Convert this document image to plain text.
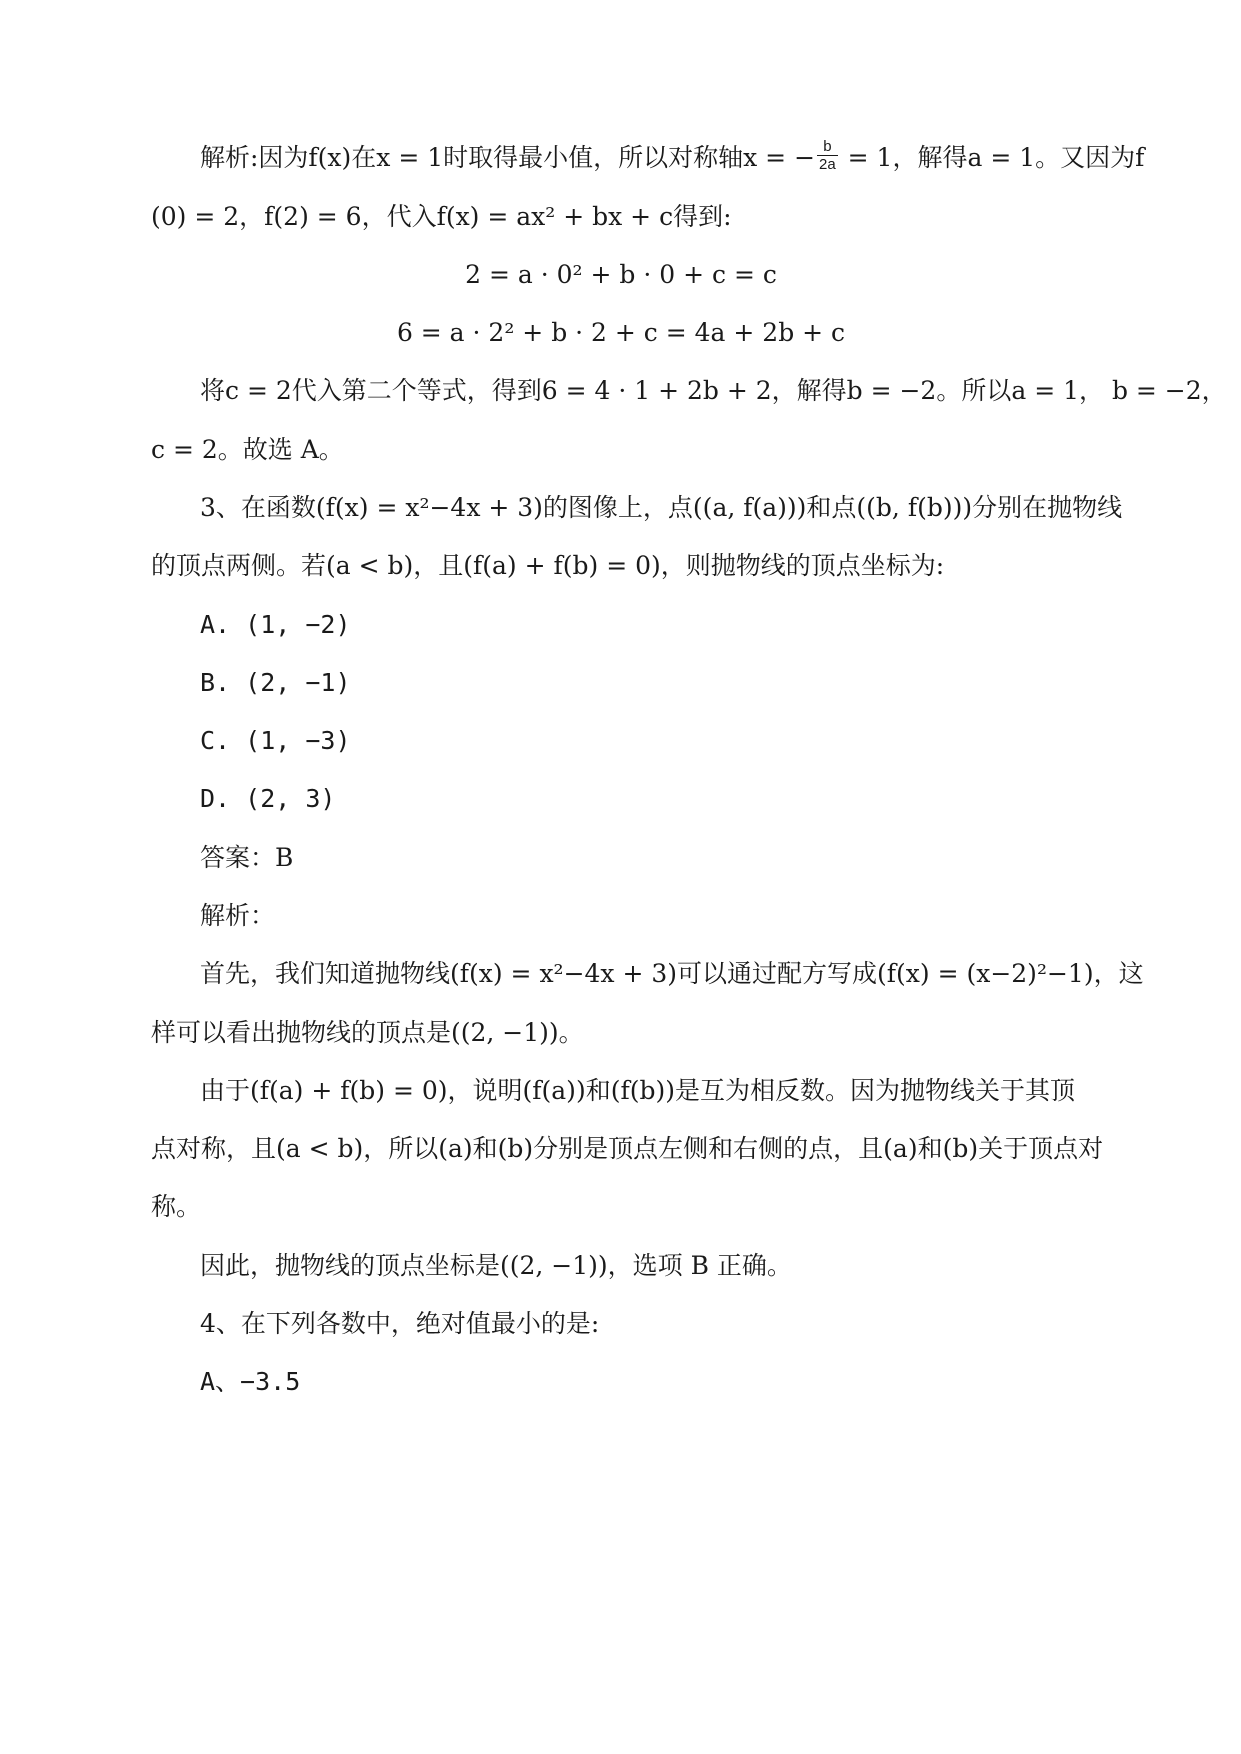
解析:因为f(x)在x = 1时取得最小值，所以对称轴x = − $\frac{b}{2a} = 1$，解得a = 1。又因为f
(0) = 2，f(2) = 6，代入f(x) = ax² + bx + c得到:
2 = a · 0² + b · 0 + c = c
6 = a · 2² + b · 2 + c = 4a + 2b + c
将c = 2代入第二个等式，得到6 = 4 · 1 + 2b + 2，解得b = −2。所以a = 1， b = −2，
c = 2。故选 A。
3、在函数(f(x) = x²−4x + 3)的图像上，点((a, f(a)))和点((b, f(b)))分别在抛物线
的顶点两侧。若(a < b)，且(f(a) + f(b) = 0)，则抛物线的顶点坐标为:
A. (1, −2)
B. (2, −1)
C. (1, −3)
D. (2, 3)
答案：B
解析：
首先，我们知道抛物线(f(x) = x²−4x + 3)可以通过配方写成(f(x) = (x−2)²−1)，这
样可以看出抛物线的顶点是((2, −1))。
由于(f(a) + f(b) = 0)，说明(f(a))和(f(b))是互为相反数。因为抛物线关于其顶
点对称，且(a < b)，所以(a)和(b)分别是顶点左侧和右侧的点，且(a)和(b)关于顶点对
称。
因此，抛物线的顶点坐标是((2, −1))，选项 B 正确。
4、在下列各数中，绝对值最小的是:
A、−3.5
